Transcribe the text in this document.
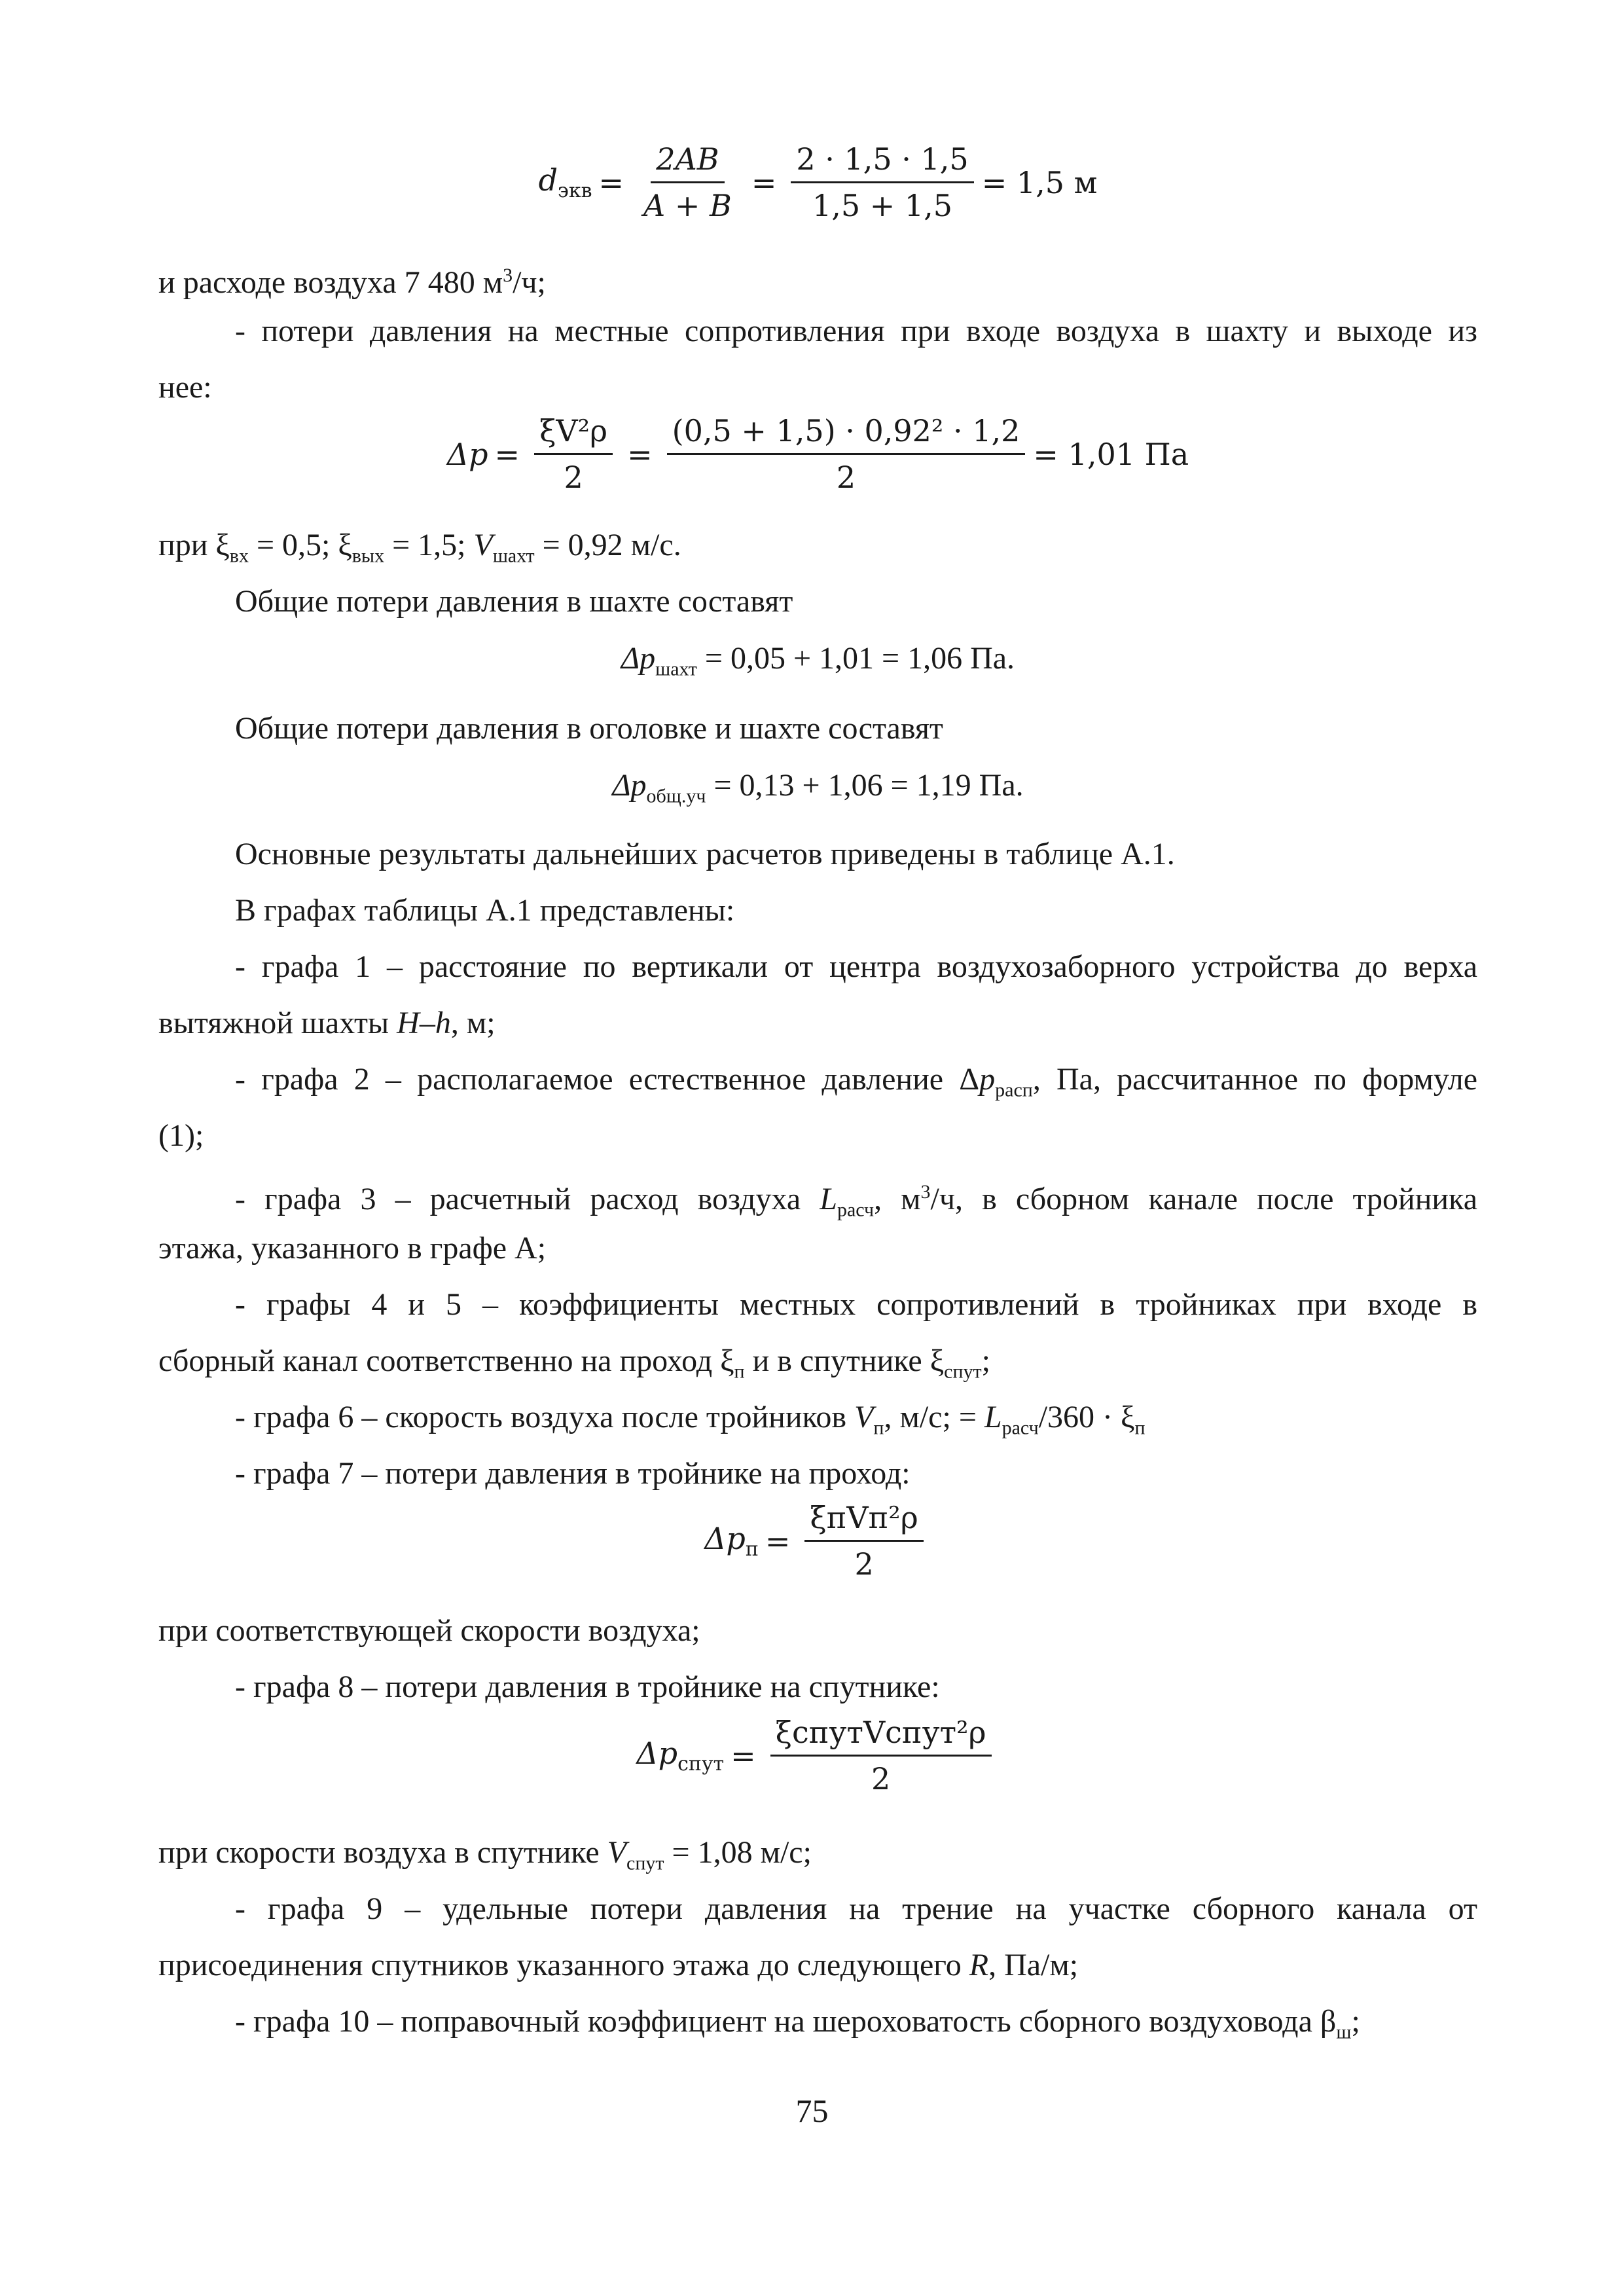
$d_{экв} = \frac{2AB}{A + B} = \frac{2 \cdot 1,5 \cdot 1,5}{1,5 + 1,5} = 1,5$ м

и расходе воздуха 7 480 $м^3/ч$;

- потери давления на местные сопротивления при входе воздуха в шахту и выходе из

нее:

$\Delta p = \frac{\text{ξV²ρ}}{2} = \frac{\text{(0,5 + 1,5) · 0,92² · 1,2}}{2} = 1,01$ Па

при $\xi_{вх} = 0,5$; $\xi_{вых} = 1,5$; $V_{шахт} = 0,92$ м/с.

Общие потери давления в шахте составят

$\Delta p_{шахт} = 0,05 + 1,01 = 1,06$ Па.

Общие потери давления в оголовке и шахте составят

$\Delta p_{общ.уч} = 0,13 + 1,06 = 1,19$ Па.

Основные результаты дальнейших расчетов приведены в таблице А.1.

В графах таблицы А.1 представлены:

- графа 1 – расстояние по вертикали от центра воздухозаборного устройства до верха

вытяжной шахты H–h, м;

- графа 2 – располагаемое естественное давление $\Delta p_{расп}$, Па, рассчитанное по формуле

(1);

- графа 3 – расчетный расход воздуха $L_{расч}$, $м^3/ч$, в сборном канале после тройника

этажа, указанного в графе А;

- графы 4 и 5 – коэффициенты местных сопротивлений в тройниках при входе в

сборный канал соответственно на проход $\xi_п$ и в спутнике $\xi_{спут}$;

- графа 6 – скорость воздуха после тройников $V_п$, м/с; = $L_{расч}/360 \cdot \xi_п$

- графа 7 – потери давления в тройнике на проход:

$\Delta p_п = \frac{\text{ξпVп²ρ}}{2}$

при соответствующей скорости воздуха;

- графа 8 – потери давления в тройнике на спутнике:

$\Delta p_{спут} = \frac{\text{ξспутVспут²ρ}}{2}$

при скорости воздуха в спутнике $V_{спут} = 1,08$ м/с;

- графа 9 – удельные потери давления на трение на участке сборного канала от

присоединения спутников указанного этажа до следующего R, Па/м;

- графа 10 – поправочный коэффициент на шероховатость сборного воздуховода $\beta_ш$;

75
